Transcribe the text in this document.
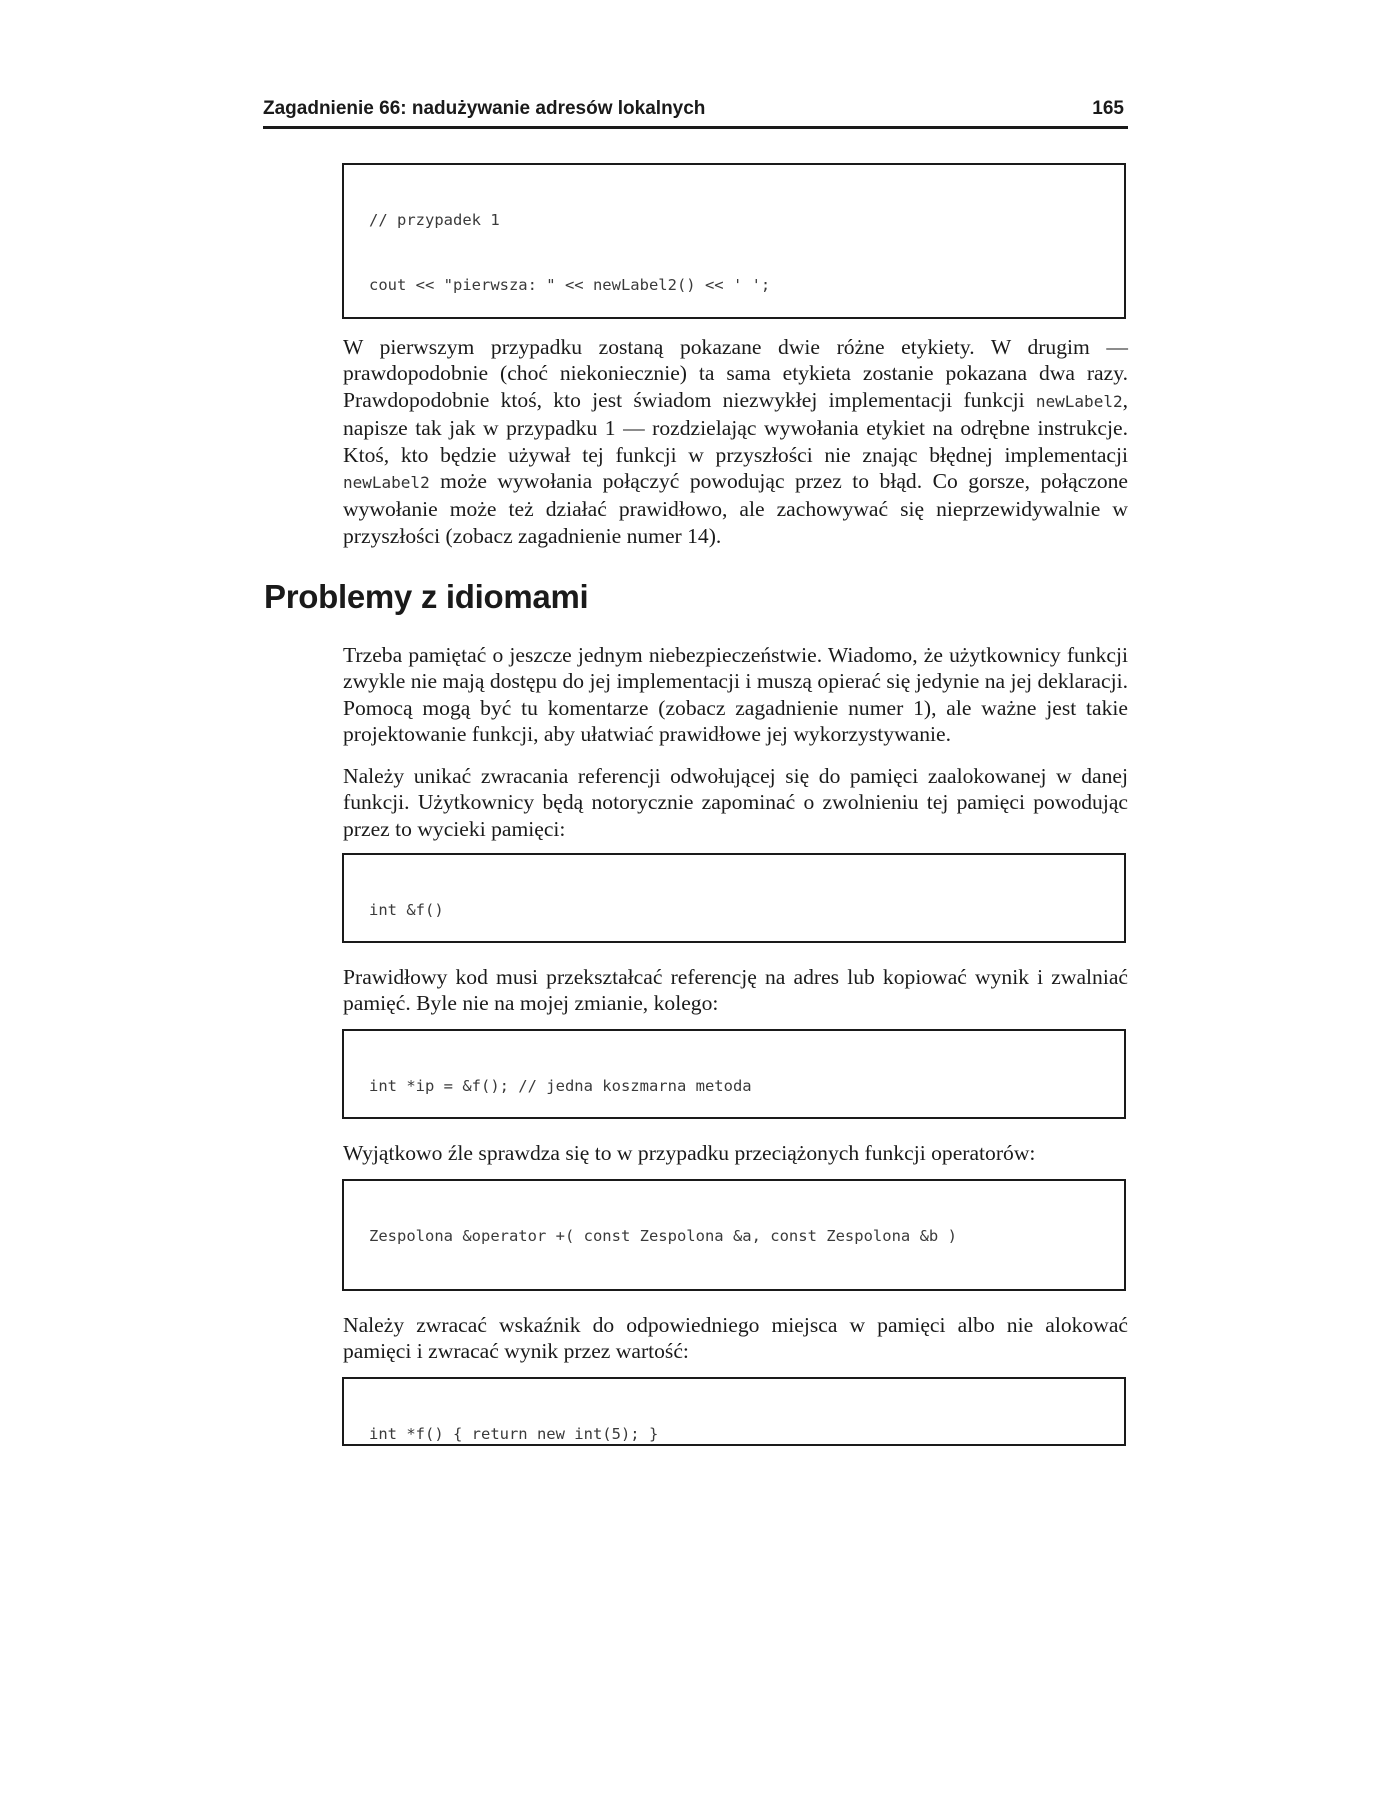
Zagadnienie 66: nadużywanie adresów lokalnych	165

// przypadek 1

cout << "pierwsza: " << newLabel2() << ' ';

W pierwszym przypadku zostaną pokazane dwie różne etykiety. W drugim — prawdopodobnie (choć niekoniecznie) ta sama etykieta zostanie pokazana dwa razy. Prawdopodobnie ktoś, kto jest świadom niezwykłej implementacji funkcji newLabel2, napisze tak jak w przypadku 1 — rozdzielając wywołania etykiet na odrębne instrukcje. Ktoś, kto będzie używał tej funkcji w przyszłości nie znając błędnej implementacji newLabel2 może wywołania połączyć powodując przez to błąd. Co gorsze, połączone wywołanie może też działać prawidłowo, ale zachowywać się nieprzewidywalnie w przyszłości (zobacz zagadnienie numer 14).

Problemy z idiomami

Trzeba pamiętać o jeszcze jednym niebezpieczeństwie. Wiadomo, że użytkownicy funkcji zwykle nie mają dostępu do jej implementacji i muszą opierać się jedynie na jej deklaracji. Pomocą mogą być tu komentarze (zobacz zagadnienie numer 1), ale ważne jest takie projektowanie funkcji, aby ułatwiać prawidłowe jej wykorzystywanie.

Należy unikać zwracania referencji odwołującej się do pamięci zaalokowanej w danej funkcji. Użytkownicy będą notorycznie zapominać o zwolnieniu tej pamięci powodując przez to wycieki pamięci:

int &f()

Prawidłowy kod musi przekształcać referencję na adres lub kopiować wynik i zwalniać pamięć. Byle nie na mojej zmianie, kolego:

int *ip = &f(); // jedna koszmarna metoda

Wyjątkowo źle sprawdza się to w przypadku przeciążonych funkcji operatorów:

Zespolona &operator +( const Zespolona &a, const Zespolona &b )

Należy zwracać wskaźnik do odpowiedniego miejsca w pamięci albo nie alokować pamięci i zwracać wynik przez wartość:

int *f() { return new int(5); }
